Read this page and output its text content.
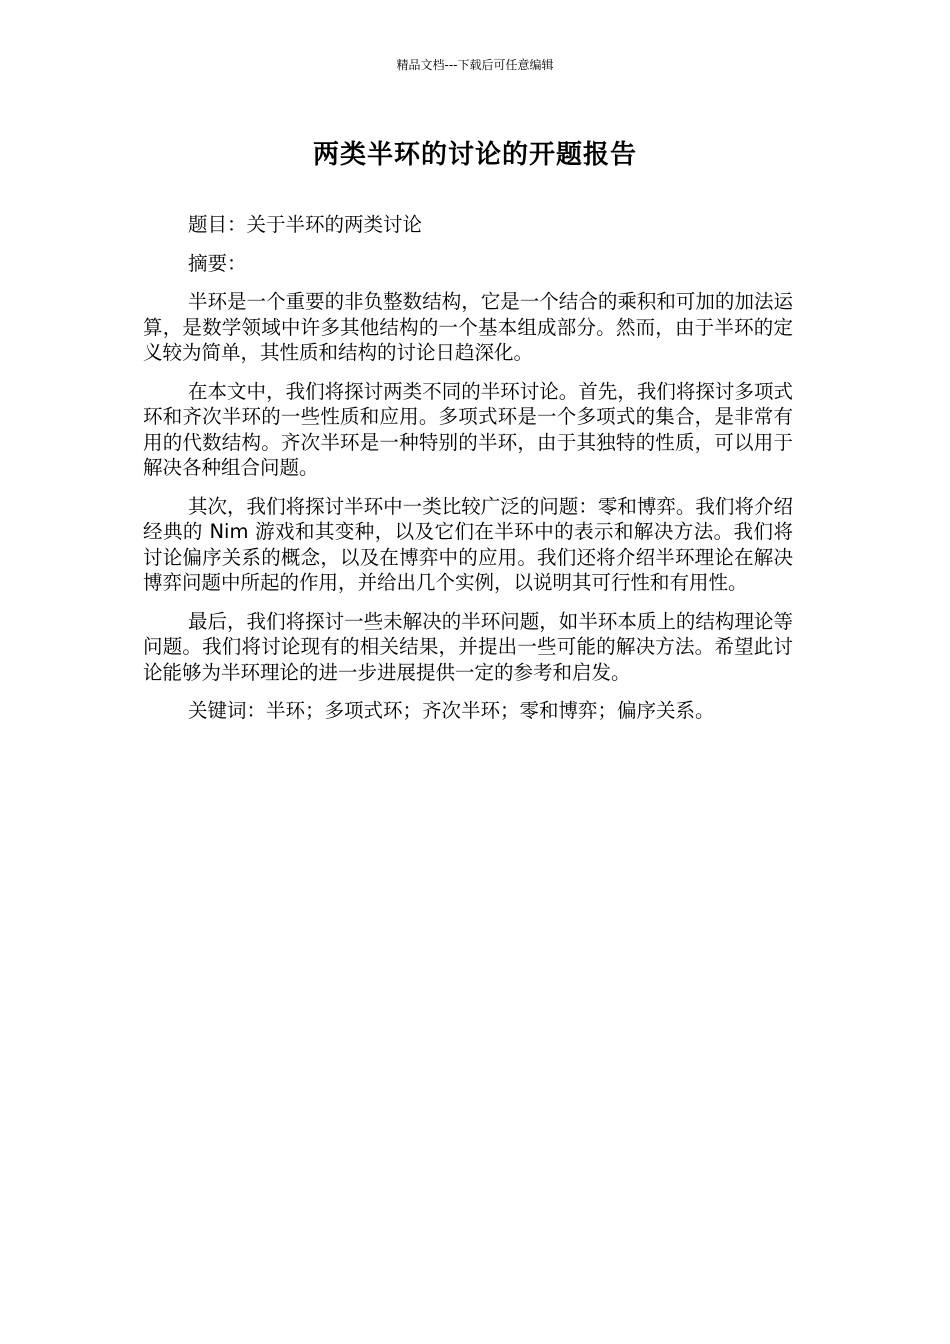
精品文档---下载后可任意编辑
两类半环的讨论的开题报告

题目：关于半环的两类讨论

摘要：

半环是一个重要的非负整数结构，它是一个结合的乘积和可加的加法运算，是数学领域中许多其他结构的一个基本组成部分。然而，由于半环的定义较为简单，其性质和结构的讨论日趋深化。

在本文中，我们将探讨两类不同的半环讨论。首先，我们将探讨多项式环和齐次半环的一些性质和应用。多项式环是一个多项式的集合，是非常有用的代数结构。齐次半环是一种特别的半环，由于其独特的性质，可以用于解决各种组合问题。

其次，我们将探讨半环中一类比较广泛的问题：零和博弈。我们将介绍经典的 Nim 游戏和其变种，以及它们在半环中的表示和解决方法。我们将讨论偏序关系的概念，以及在博弈中的应用。我们还将介绍半环理论在解决博弈问题中所起的作用，并给出几个实例，以说明其可行性和有用性。

最后，我们将探讨一些未解决的半环问题，如半环本质上的结构理论等问题。我们将讨论现有的相关结果，并提出一些可能的解决方法。希望此讨论能够为半环理论的进一步进展提供一定的参考和启发。

关键词：半环；多项式环；齐次半环；零和博弈；偏序关系。
